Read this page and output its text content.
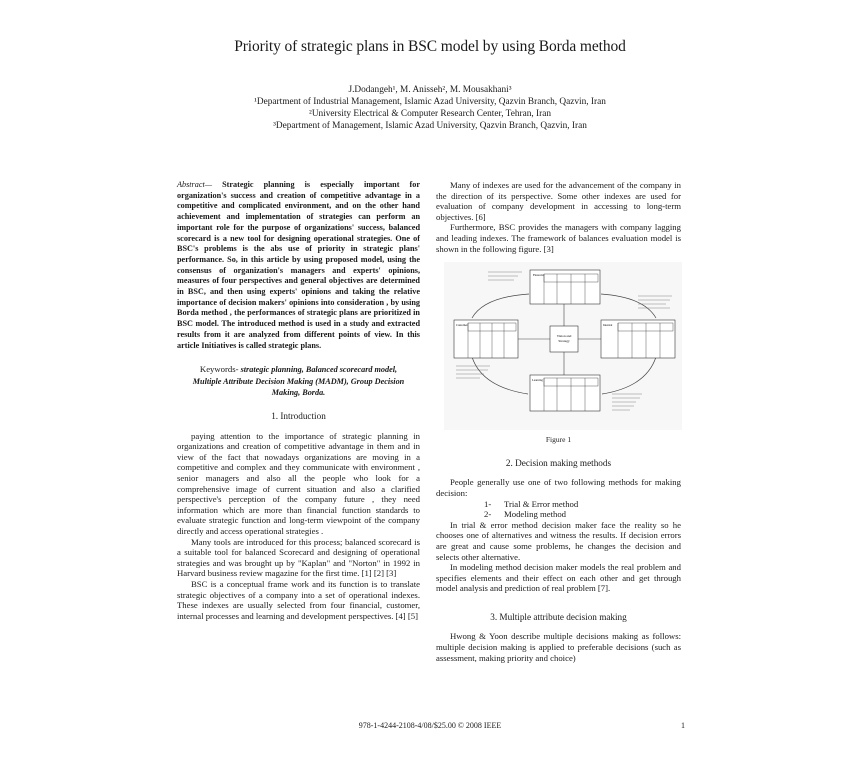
Priority of strategic plans in BSC model by using Borda method
J.Dodangeh¹, M. Anisseh², M. Mousakhani³
¹Department of Industrial Management, Islamic Azad University, Qazvin Branch, Qazvin, Iran
²University Electrical & Computer Research Center, Tehran, Iran
³Department of Management, Islamic Azad University, Qazvin Branch, Qazvin, Iran

Abstract— Strategic planning is especially important for organization's success and creation of competitive advantage in a competitive and complicated environment, and on the other hand achievement and implementation of strategies can perform an important role for the purpose of organizations' success, balanced scorecard is a new tool for designing operational strategies. One of BSC's problems is the abs use of priority in strategic plans' performance. So, in this article by using proposed model, using the consensus of organization's managers and experts' opinions, measures of four perspectives and general objectives are determined in BSC, and then using experts' opinions and taking the relative importance of decision makers' opinions into consideration , by using Borda method , the performances of strategic plans are prioritized in BSC model. The introduced method is used in a study and extracted results from it are analyzed from different points of view. In this article Initiatives is called strategic plans.

Keywords- strategic planning, Balanced scorecard model, Multiple Attribute Decision Making (MADM), Group Decision Making, Borda.
1. Introduction

paying attention to the importance of strategic planning in organizations and creation of competitive advantage in them and in view of the fact that nowadays organizations are moving in a competitive and complex and they communicate with environment , senior managers and also all the people who look for a comprehensive image of current situation and also a clarified perspective's perception of the company future , they need information which are more than financial function standards to evaluate strategic function and long-term viewpoint of the company directly and access operational strategies .

Many tools are introduced for this process; balanced scorecard is a suitable tool for balanced Scorecard and designing of operational strategies and was brought up by "Kaplan" and "Norton" in 1992 in Harvard business review magazine for the first time. [1] [2] [3]

BSC is a conceptual frame work and its function is to translate strategic objectives of a company into a set of operational indexes. These indexes are usually selected from four financial, customer, internal processes and learning and development perspectives. [4] [5]

Many of indexes are used for the advancement of the company in the direction of its perspective. Some other indexes are used for evaluation of company development in accessing to long-term objectives. [6]

Furthermore, BSC provides the managers with company lagging and leading indexes. The framework of balances evaluation model is shown in the following figure. [3]

Vision and
Strategy
Financial
Customer	Internal
Learning
Figure 1
2. Decision making methods

People generally use one of two following methods for making decision:

1- Trial & Error method
2- Modeling method

In trial & error method decision maker face the reality so he chooses one of alternatives and witness the results. If decision errors are great and cause some problems, he changes the decision and selects other alternative.

In modeling method decision maker models the real problem and specifies elements and their effect on each other and get through model analysis and prediction of real problem [7].

3. Multiple attribute decision making

Hwong & Yoon describe multiple decisions making as follows: multiple decision making is applied to preferable decisions (such as assessment, making priority and choice)

978-1-4244-2108-4/08/$25.00 © 2008 IEEE	1
